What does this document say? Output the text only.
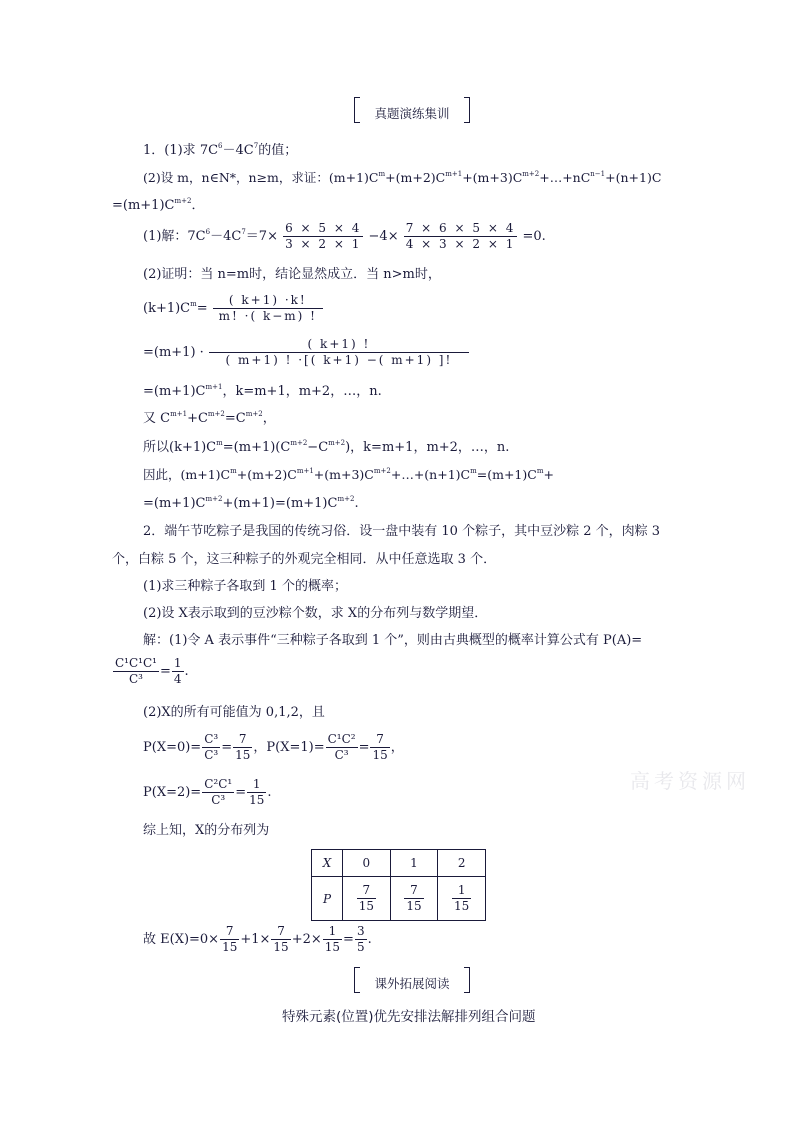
真题演练集训
1．(1)求 $7C^6-4C^7$的值；
(2)设 m，n∈N*，n≥m，求证：$(m+1)C^m+(m+2)C^{m+1}+(m+3)C^{m+2}+\dots+nC^{n-1}+(n+1)C$
$=(m+1)C^{m+2}$．
(1)解：$7C^6-4C^7=7\times \frac{6 \times 5 \times 4}{3 \times 2 \times 1} -4\times \frac{7 \times 6 \times 5 \times 4}{4 \times 3 \times 2 \times 1} =0$.
(2)证明：当 n=m时，结论显然成立．当 n>m时，
$(k+1)C^m= \frac{( k+1) \cdot k!}{m! \cdot( k-m) !}$
$=(m+1) \cdot \frac{( k+1) !}{( m+1) ! \cdot[( k+1) -( m+1) ]!}$
$=(m+1)C^{m+1}$，k=m+1，m+2，…，n.
又 $C^{m+1}+C^{m+2}=C^{m+2}$，
所以$(k+1)C^m=(m+1)(C^{m+2}-C^{m+2})$，k=m+1，m+2，…，n.
因此，$(m+1)C^m+(m+2)C^{m+1}+(m+3)C^{m+2}+\dots+(n+1)C^m=(m+1)C^m+$
$=(m+1)C^{m+2}+(m+1)=(m+1)C^{m+2}$.
2．端午节吃粽子是我国的传统习俗．设一盘中装有 10 个粽子，其中豆沙粽 2 个，肉粽 3
个，白粽 5 个，这三种粽子的外观完全相同．从中任意选取 3 个．
(1)求三种粽子各取到 1 个的概率；
(2)设 X表示取到的豆沙粽个数，求 X的分布列与数学期望．
解：(1)令 A 表示事件“三种粽子各取到 1 个”，则由古典概型的概率计算公式有 P(A)=
$\frac{\text{C¹C¹C¹}}{\text{C³}} = \frac{1}{4}$ .
(2)X的所有可能值为 0,1,2，且
$P(X=0)= \frac{\text{C³}}{\text{C³}} = \frac{7}{15}$ ，$P(X=1)= \frac{\text{C¹C²}}{\text{C³}} = \frac{7}{15}$ ，
$P(X=2)= \frac{\text{C²C¹}}{\text{C³}} = \frac{1}{15}$ .
综上知，X的分布列为
X	0	1	2
P	$\frac{7}{15}$	$\frac{7}{15}$	$\frac{1}{15}$
故 $E(X)=0\times \frac{7}{15} +1\times \frac{7}{15} +2\times \frac{1}{15} = \frac{3}{5}$ .
课外拓展阅读
特殊元素(位置)优先安排法解排列组合问题
高考资源网
